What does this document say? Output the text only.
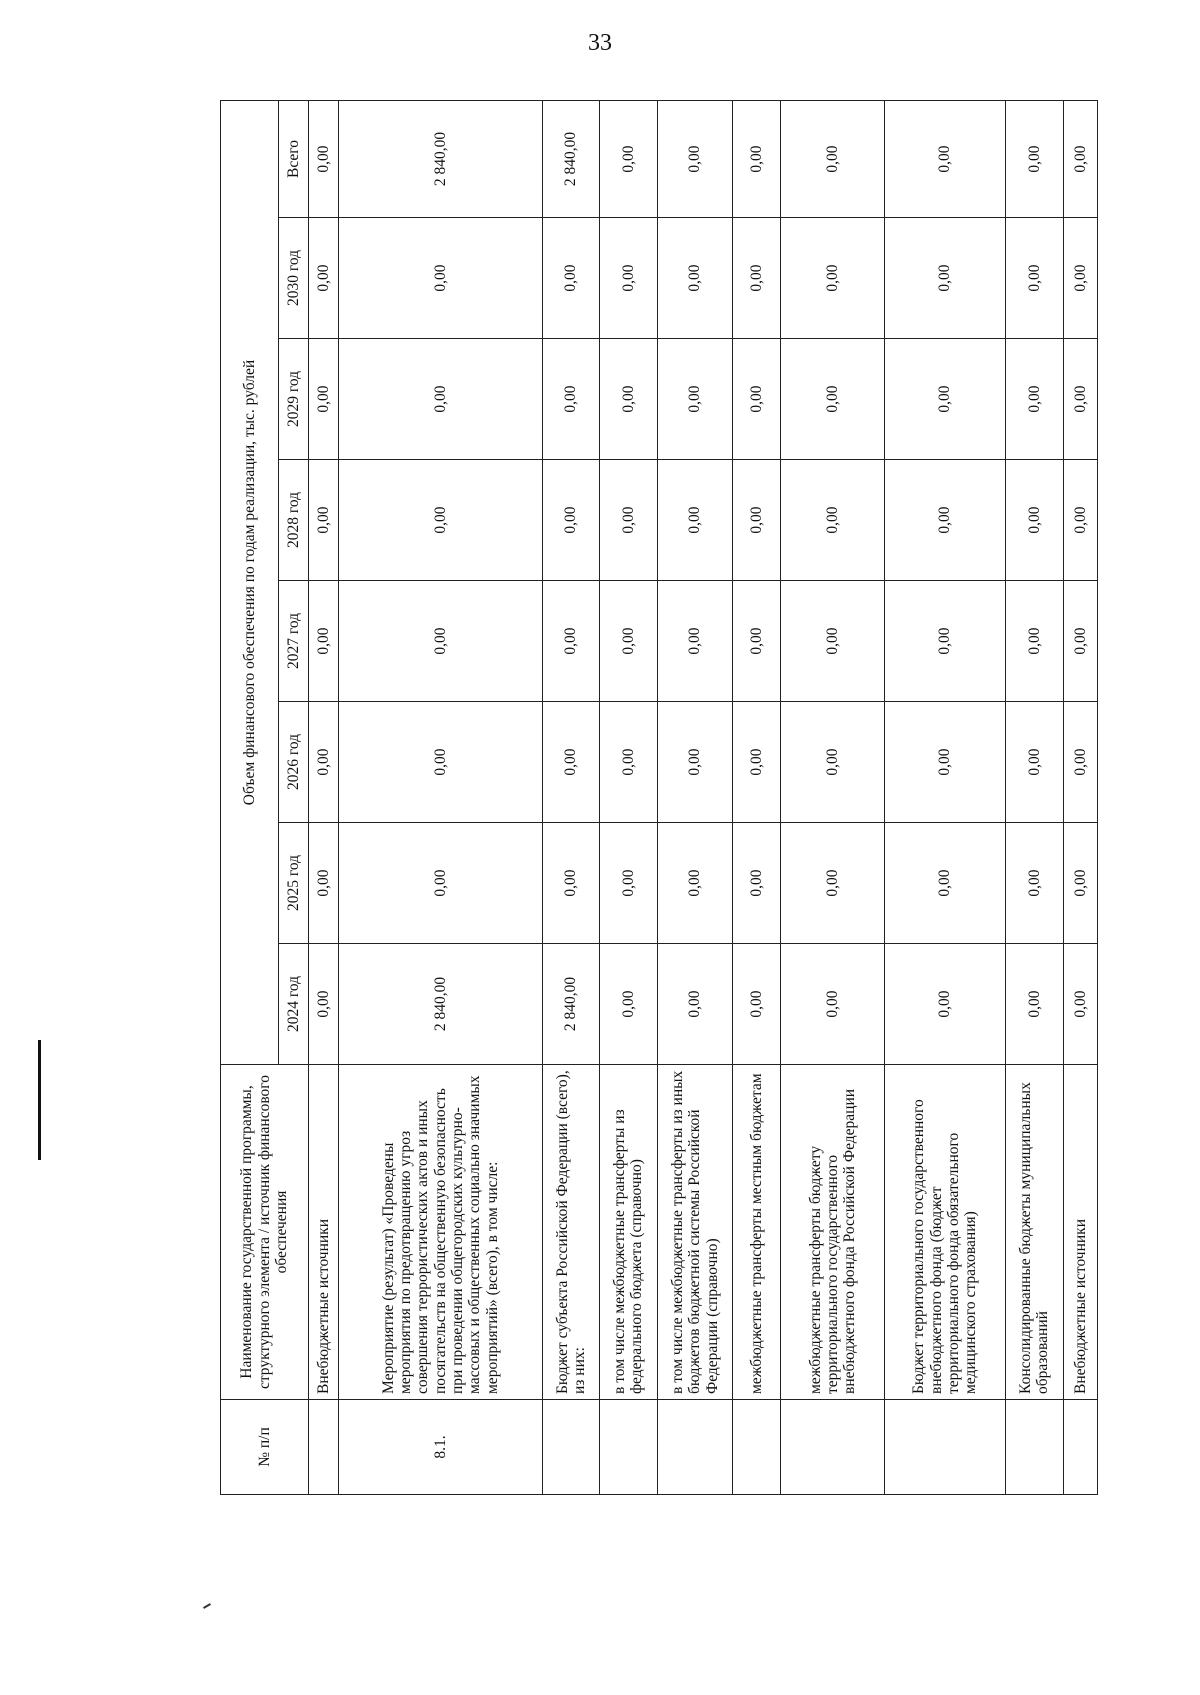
33
№ п/п	Наименование государственной программы, структурного элемента / источник финансового обеспечения	Объем финансового обеспечения по годам реализации, тыс. рублей							
		2024 год	2025 год	2026 год	2027 год	2028 год	2029 год	2030 год	Всего
	Внебюджетные источники	0,00	0,00	0,00	0,00	0,00	0,00	0,00	0,00
8.1.	Мероприятие (результат) «Проведены мероприятия по предотвращению угроз совершения террористических актов и иных посягательств на общественную безопасность при проведении общегородских культурно-массовых и общественных социально значимых мероприятий» (всего), в том числе:	2 840,00	0,00	0,00	0,00	0,00	0,00	0,00	2 840,00
	Бюджет субъекта Российской Федерации (всего), из них:	2 840,00	0,00	0,00	0,00	0,00	0,00	0,00	2 840,00
	в том числе межбюджетные трансферты из федерального бюджета (справочно)	0,00	0,00	0,00	0,00	0,00	0,00	0,00	0,00
	в том числе межбюджетные трансферты из иных бюджетов бюджетной системы Российской Федерации (справочно)	0,00	0,00	0,00	0,00	0,00	0,00	0,00	0,00
	межбюджетные трансферты местным бюджетам	0,00	0,00	0,00	0,00	0,00	0,00	0,00	0,00
	межбюджетные трансферты бюджету территориального государственного внебюджетного фонда Российской Федерации	0,00	0,00	0,00	0,00	0,00	0,00	0,00	0,00
	Бюджет территориального государственного внебюджетного фонда (бюджет территориального фонда обязательного медицинского страхования)	0,00	0,00	0,00	0,00	0,00	0,00	0,00	0,00
	Консолидированные бюджеты муниципальных образований	0,00	0,00	0,00	0,00	0,00	0,00	0,00	0,00
	Внебюджетные источники	0,00	0,00	0,00	0,00	0,00	0,00	0,00	0,00
